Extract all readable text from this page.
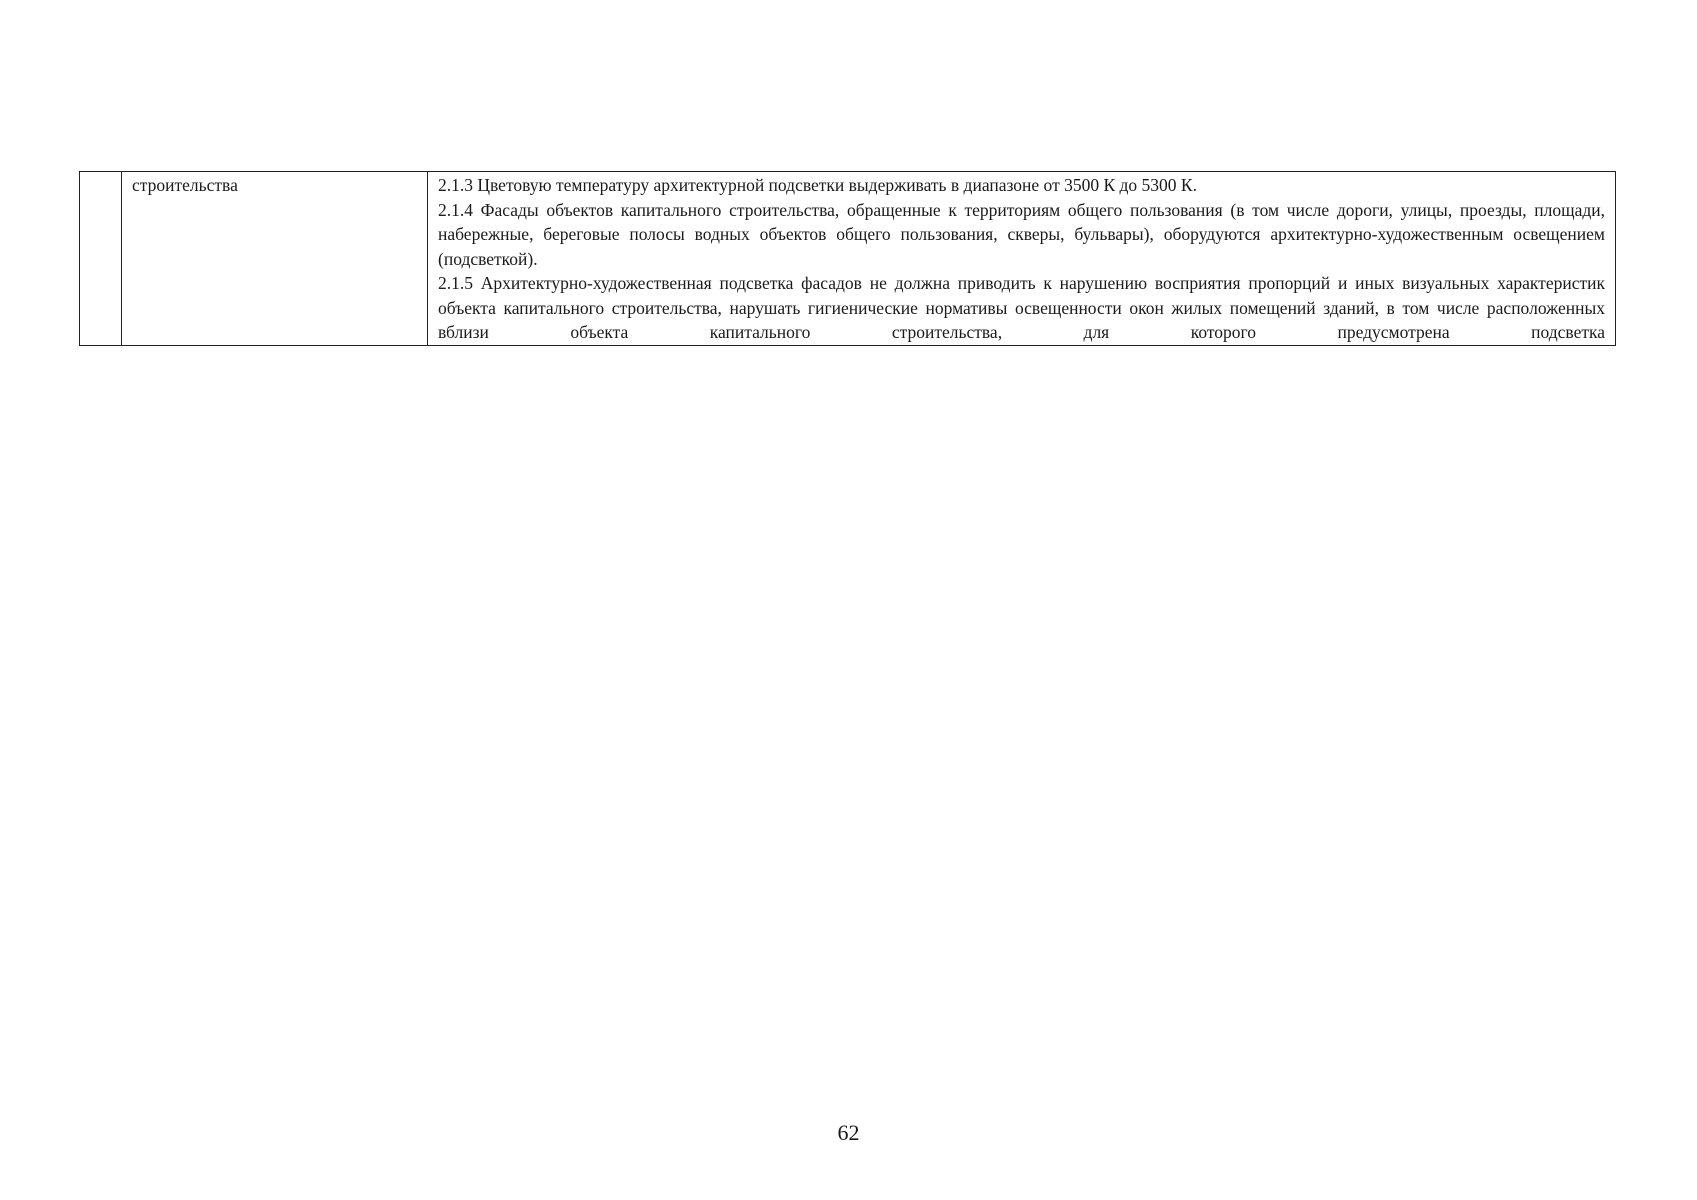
	строительства	2.1.3 Цветовую температуру архитектурной подсветки выдерживать в диапазоне от 3500 К до 5300 К.

2.1.4 Фасады объектов капитального строительства, обращенные к территориям общего пользования (в том числе дороги, улицы, проезды, площади, набережные, береговые полосы водных объектов общего пользования, скверы, бульвары), оборудуются архитектурно-художественным освещением (подсветкой).

2.1.5 Архитектурно-художественная подсветка фасадов не должна приводить к нарушению восприятия пропорций и иных визуальных характеристик объекта капитального строительства, нарушать гигиенические нормативы освещенности окон жилых помещений зданий, в том числе расположенных вблизи объекта капитального строительства, для которого предусмотрена подсветка

62
